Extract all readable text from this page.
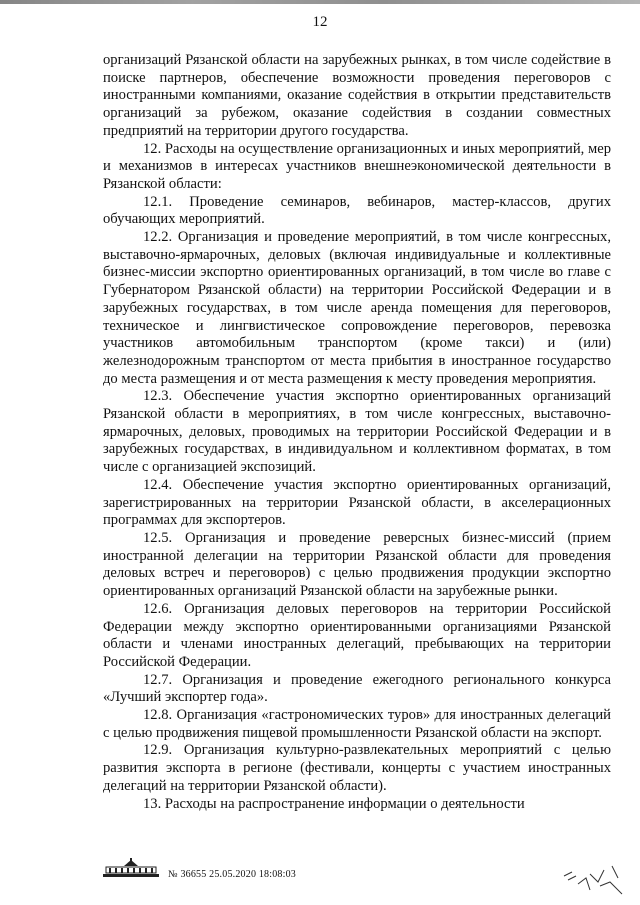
12

организаций Рязанской области на зарубежных рынках, в том числе содействие в поиске партнеров, обеспечение возможности проведения переговоров с иностранными компаниями, оказание содействия в открытии представительств организаций за рубежом, оказание содействия в создании совместных предприятий на территории другого государства.

12. Расходы на осуществление организационных и иных мероприятий, мер и механизмов в интересах участников внешнеэкономической деятельности в Рязанской области:

12.1. Проведение семинаров, вебинаров, мастер-классов, других обучающих мероприятий.

12.2. Организация и проведение мероприятий, в том числе конгрессных, выставочно-ярмарочных, деловых (включая индивидуальные и коллективные бизнес-миссии экспортно ориентированных организаций, в том числе во главе с Губернатором Рязанской области) на территории Российской Федерации и в зарубежных государствах, в том числе аренда помещения для переговоров, техническое и лингвистическое сопровождение переговоров, перевозка участников автомобильным транспортом (кроме такси) и (или) железнодорожным транспортом от места прибытия в иностранное государство до места размещения и от места размещения к месту проведения мероприятия.

12.3. Обеспечение участия экспортно ориентированных организаций Рязанской области в мероприятиях, в том числе конгрессных, выставочно-ярмарочных, деловых, проводимых на территории Российской Федерации и в зарубежных государствах, в индивидуальном и коллективном форматах, в том числе с организацией экспозиций.

12.4. Обеспечение участия экспортно ориентированных организаций, зарегистрированных на территории Рязанской области, в акселерационных программах для экспортеров.

12.5. Организация и проведение реверсных бизнес-миссий (прием иностранной делегации на территории Рязанской области для проведения деловых встреч и переговоров) с целью продвижения продукции экспортно ориентированных организаций Рязанской области на зарубежные рынки.

12.6. Организация деловых переговоров на территории Российской Федерации между экспортно ориентированными организациями Рязанской области и членами иностранных делегаций, пребывающих на территории Российской Федерации.

12.7. Организация и проведение ежегодного регионального конкурса «Лучший экспортер года».

12.8. Организация «гастрономических туров» для иностранных делегаций с целью продвижения пищевой промышленности Рязанской области на экспорт.

12.9. Организация культурно-развлекательных мероприятий с целью развития экспорта в регионе (фестивали, концерты с участием иностранных делегаций на территории Рязанской области).

13. Расходы на распространение информации о деятельности

№ 36655 25.05.2020 18:08:03
